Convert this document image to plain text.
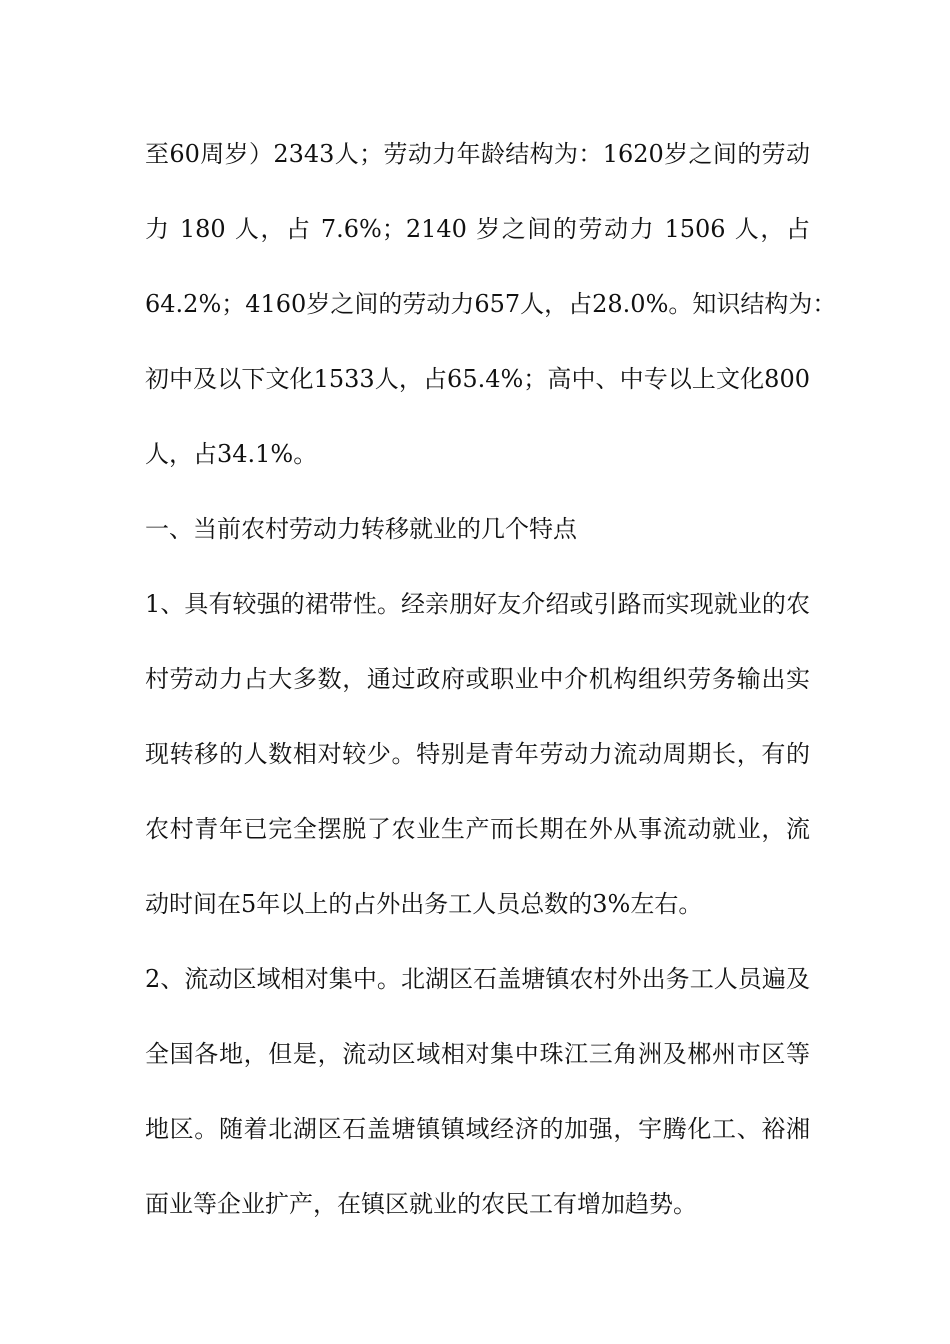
至60周岁）2343人；劳动力年龄结构为：1620岁之间的劳动
力 180 人，占 7.6%；2140 岁之间的劳动力 1506 人，占
64.2%；4160岁之间的劳动力657人，占28.0%。知识结构为：
初中及以下文化1533人，占65.4%；高中、中专以上文化800
人，占34.1%。
一、当前农村劳动力转移就业的几个特点
1、具有较强的裙带性。经亲朋好友介绍或引路而实现就业的农
村劳动力占大多数，通过政府或职业中介机构组织劳务输出实
现转移的人数相对较少。特别是青年劳动力流动周期长，有的
农村青年已完全摆脱了农业生产而长期在外从事流动就业，流
动时间在5年以上的占外出务工人员总数的3%左右。
2、流动区域相对集中。北湖区石盖塘镇农村外出务工人员遍及
全国各地，但是，流动区域相对集中珠江三角洲及郴州市区等
地区。随着北湖区石盖塘镇镇域经济的加强，宇腾化工、裕湘
面业等企业扩产，在镇区就业的农民工有增加趋势。
